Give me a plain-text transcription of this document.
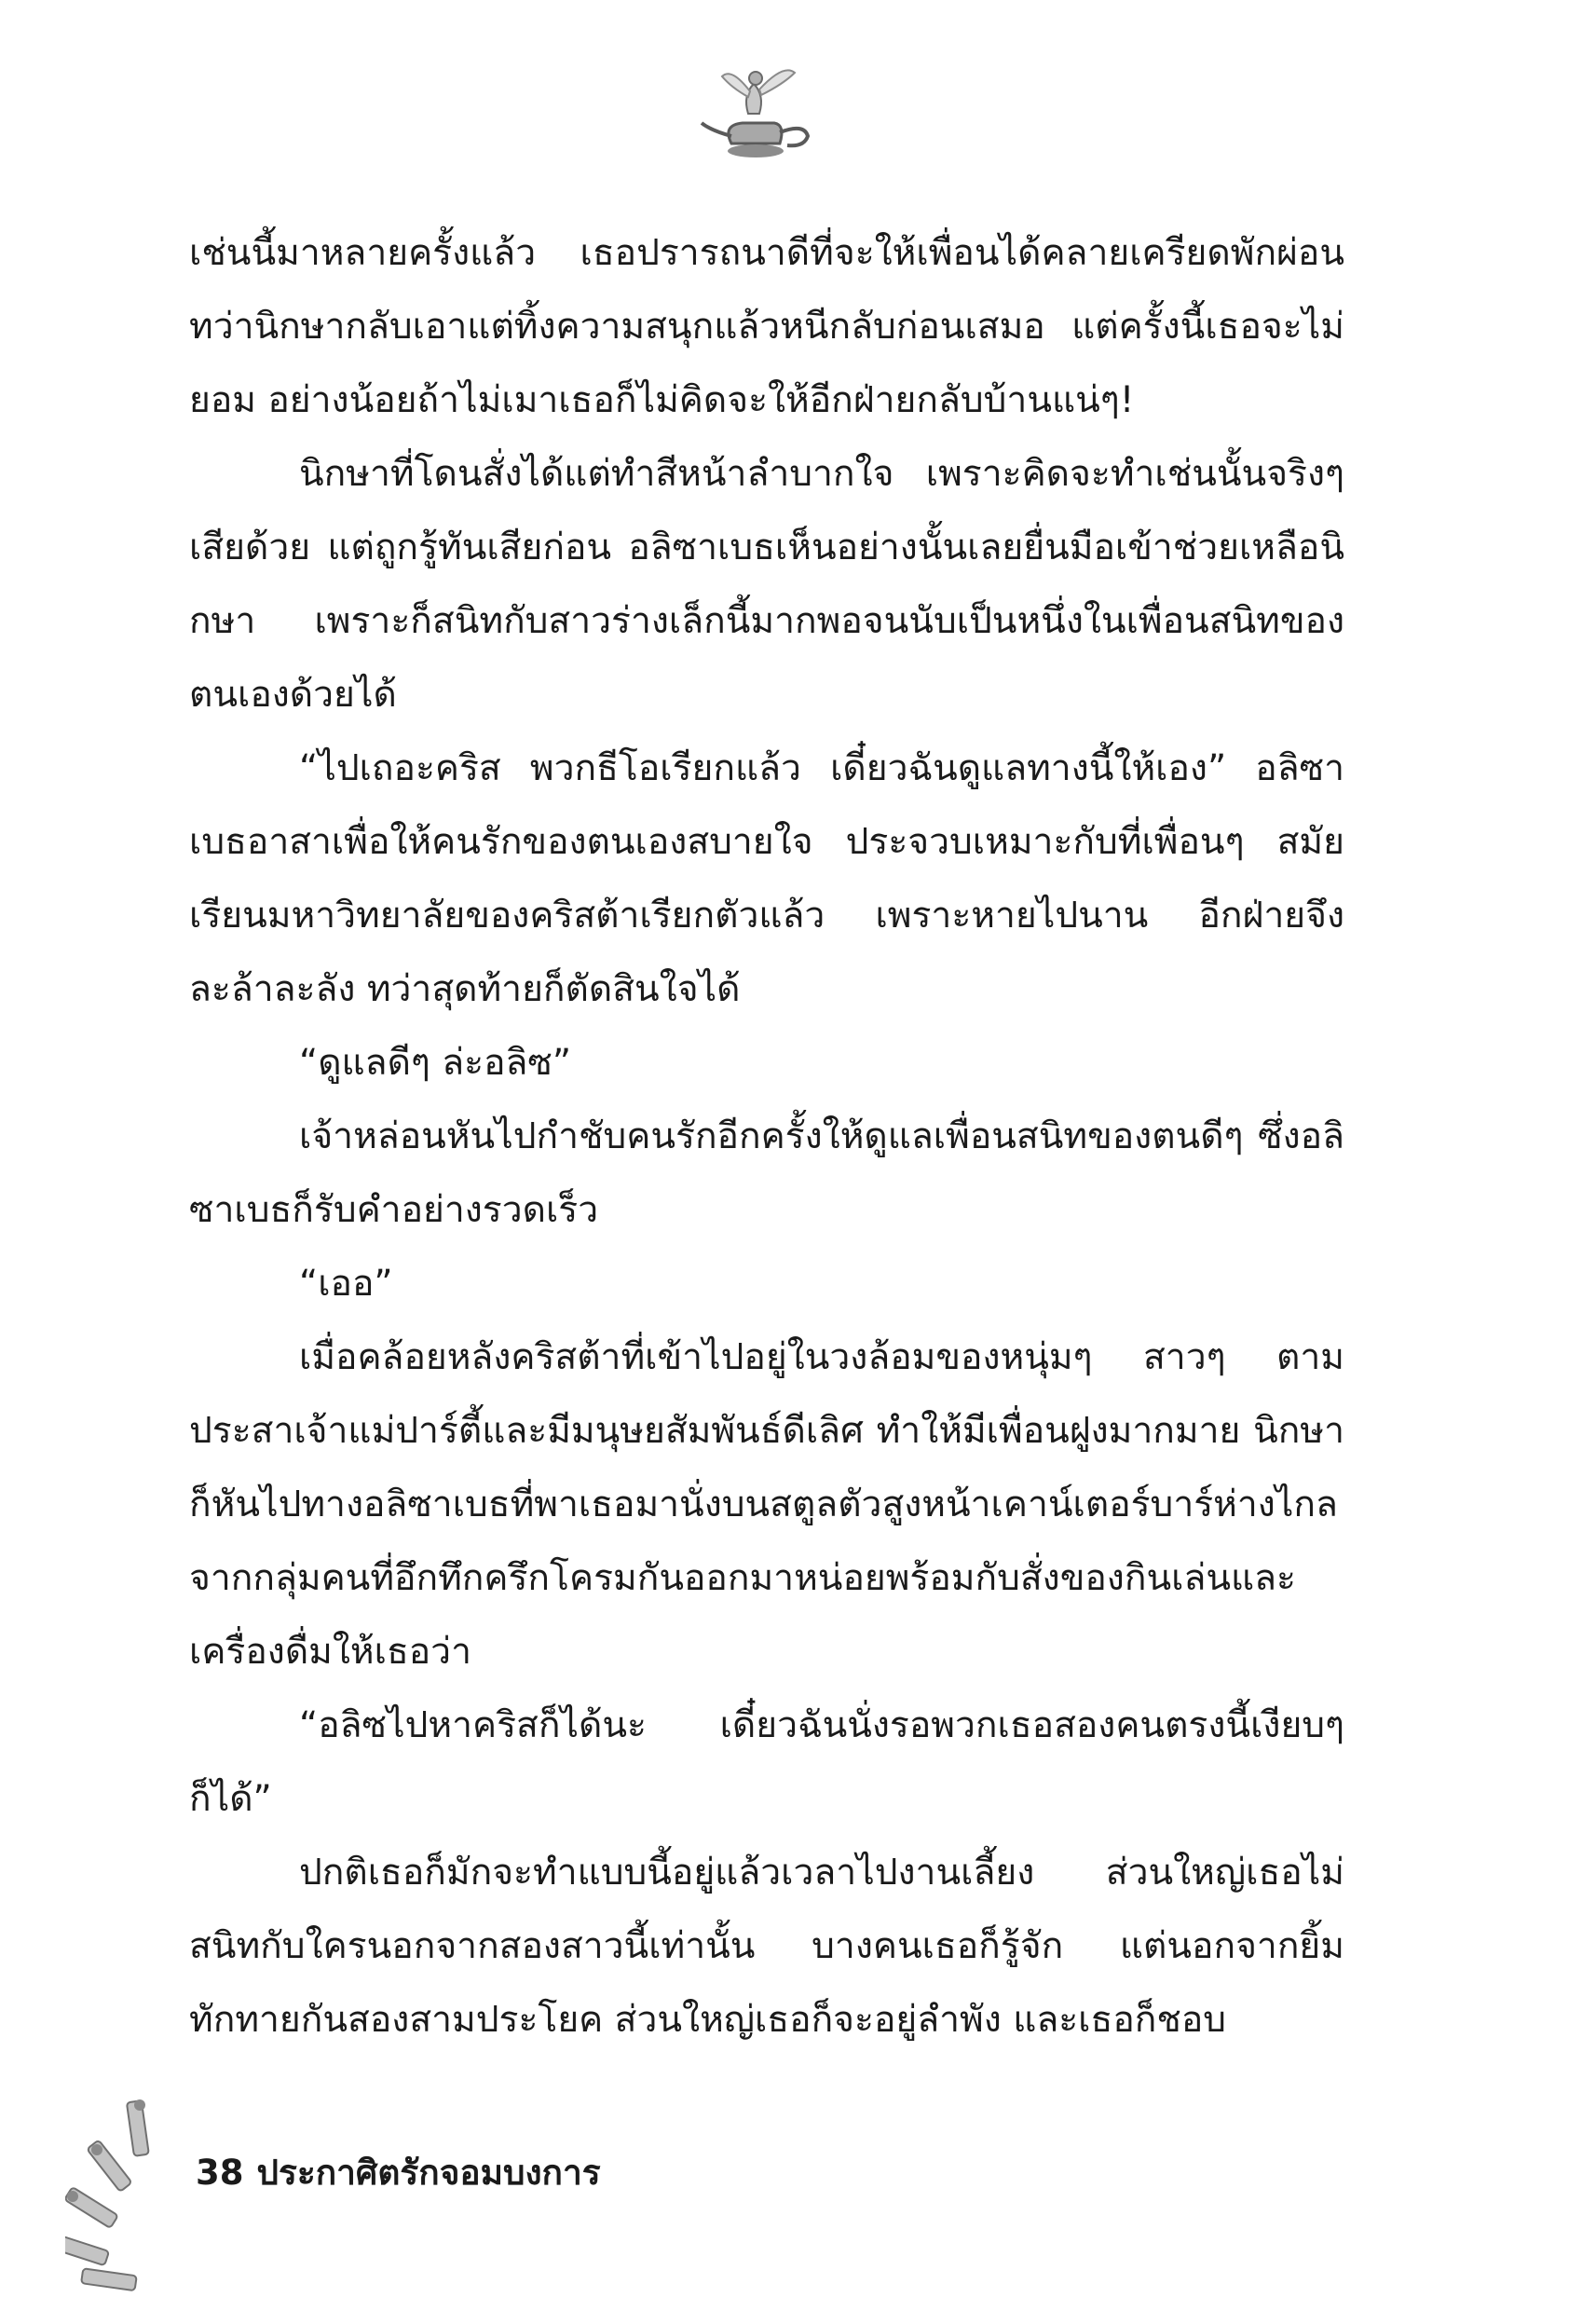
เช่นนี้มาหลายครั้งแล้ว เธอปรารถนาดีที่จะให้เพื่อนได้คลายเครียดพักผ่อน ทว่านิกษากลับเอาแต่ทิ้งความสนุกแล้วหนีกลับก่อนเสมอ แต่ครั้งนี้เธอจะไม่ยอม อย่างน้อยถ้าไม่เมาเธอก็ไม่คิดจะให้อีกฝ่ายกลับบ้านแน่ๆ!

นิกษาที่โดนสั่งได้แต่ทำสีหน้าลำบากใจ เพราะคิดจะทำเช่นนั้นจริงๆ เสียด้วย แต่ถูกรู้ทันเสียก่อน อลิซาเบธเห็นอย่างนั้นเลยยื่นมือเข้าช่วยเหลือนิกษา เพราะก็สนิทกับสาวร่างเล็กนี้มากพอจนนับเป็นหนึ่งในเพื่อนสนิทของตนเองด้วยได้

“ไปเถอะคริส พวกธีโอเรียกแล้ว เดี๋ยวฉันดูแลทางนี้ให้เอง” อลิซาเบธอาสาเพื่อให้คนรักของตนเองสบายใจ ประจวบเหมาะกับที่เพื่อนๆ สมัยเรียนมหาวิทยาลัยของคริสต้าเรียกตัวแล้ว เพราะหายไปนาน อีกฝ่ายจึงละล้าละลัง ทว่าสุดท้ายก็ตัดสินใจได้

“ดูแลดีๆ ล่ะอลิซ”

เจ้าหล่อนหันไปกำชับคนรักอีกครั้งให้ดูแลเพื่อนสนิทของตนดีๆ ซึ่งอลิซาเบธก็รับคำอย่างรวดเร็ว

“เออ”

เมื่อคล้อยหลังคริสต้าที่เข้าไปอยู่ในวงล้อมของหนุ่มๆ สาวๆ ตามประสาเจ้าแม่ปาร์ตี้และมีมนุษยสัมพันธ์ดีเลิศ ทำให้มีเพื่อนฝูงมากมาย นิกษาก็หันไปทางอลิซาเบธที่พาเธอมานั่งบนสตูลตัวสูงหน้าเคาน์เตอร์บาร์ห่างไกลจากกลุ่มคนที่อึกทึกครึกโครมกันออกมาหน่อยพร้อมกับสั่งของกินเล่นและเครื่องดื่มให้เธอว่า

“อลิซไปหาคริสก็ได้นะ เดี๋ยวฉันนั่งรอพวกเธอสองคนตรงนี้เงียบๆ ก็ได้”

ปกติเธอก็มักจะทำแบบนี้อยู่แล้วเวลาไปงานเลี้ยง ส่วนใหญ่เธอไม่สนิทกับใครนอกจากสองสาวนี้เท่านั้น บางคนเธอก็รู้จัก แต่นอกจากยิ้มทักทายกันสองสามประโยค ส่วนใหญ่เธอก็จะอยู่ลำพัง และเธอก็ชอบ

38 ประกาศิตรักจอมบงการ
